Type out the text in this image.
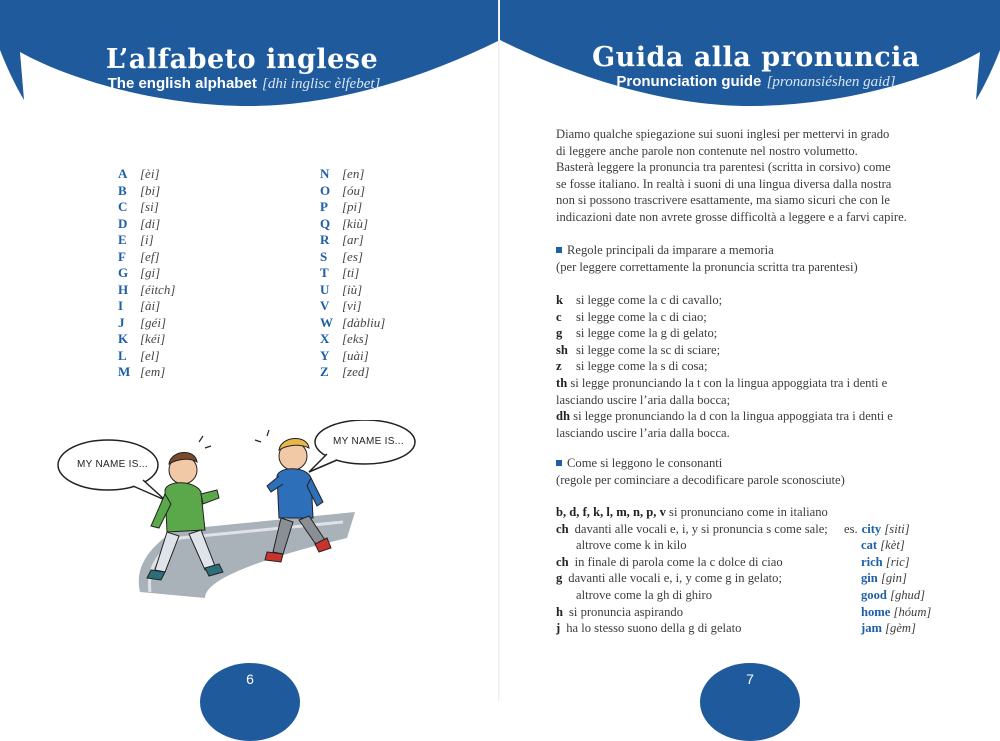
L’alfabeto inglese
The english alphabet [dhi inglisc èlfebet]
A [èi]
B	[bi]
C [si]
D [di]
E	[i]
F	[ef]
G [gi]
H [éitch]
I	[ài]
J	[géi]
K [kéi]
L	[el]
M [em]
N [en]
O [óu]
P	[pi]
Q [kiù]
R [ar]
S	[es]
T	[ti]
U [iù]
V [vi]
W [dàbliu]
X [eks]
Y [uài]
Z	[zed]
MY NAME IS...
MY NAME IS...
6
Guida alla pronuncia
Pronunciation guide [pronansiéshen gaid]
Diamo qualche spiegazione sui suoni inglesi per mettervi in grado
di leggere anche parole non contenute nel nostro volumetto.
Basterà leggere la pronuncia tra parentesi (scritta in corsivo) come
se fosse italiano. In realtà i suoni di una lingua diversa dalla nostra
non si possono trascrivere esattamente, ma siamo sicuri che con le
indicazioni date non avrete grosse difficoltà a leggere e a farvi capire.
Regole principali da imparare a memoria
(per leggere correttamente la pronuncia scritta tra parentesi)
k	si legge come la c di cavallo;
c	si legge come la c di ciao;
g	si legge come la g di gelato;
sh si legge come la sc di sciare;
z	si legge come la s di cosa;
th si legge pronunciando la t con la lingua appoggiata tra i denti e
lasciando uscire l’aria dalla bocca;
dh si legge pronunciando la d con la lingua appoggiata tra i denti e
lasciando uscire l’aria dalla bocca.
Come si leggono le consonanti
(regole per cominciare a decodificare parole sconosciute)
b, d, f, k, l, m, n, p, v si pronunciano come in italiano
ch davanti alle vocali e, i, y si pronuncia s come sale; es. city [siti]
altrove come k in kilo	cat [kèt]
ch in finale di parola come la c dolce di ciao	rich [ric]
g davanti alle vocali e, i, y come g in gelato;	gin [gin]
altrove come la gh di ghiro	good [ghud]
h si pronuncia aspirando	home [hóum]
j ha lo stesso suono della g di gelato	jam [gèm]
7
